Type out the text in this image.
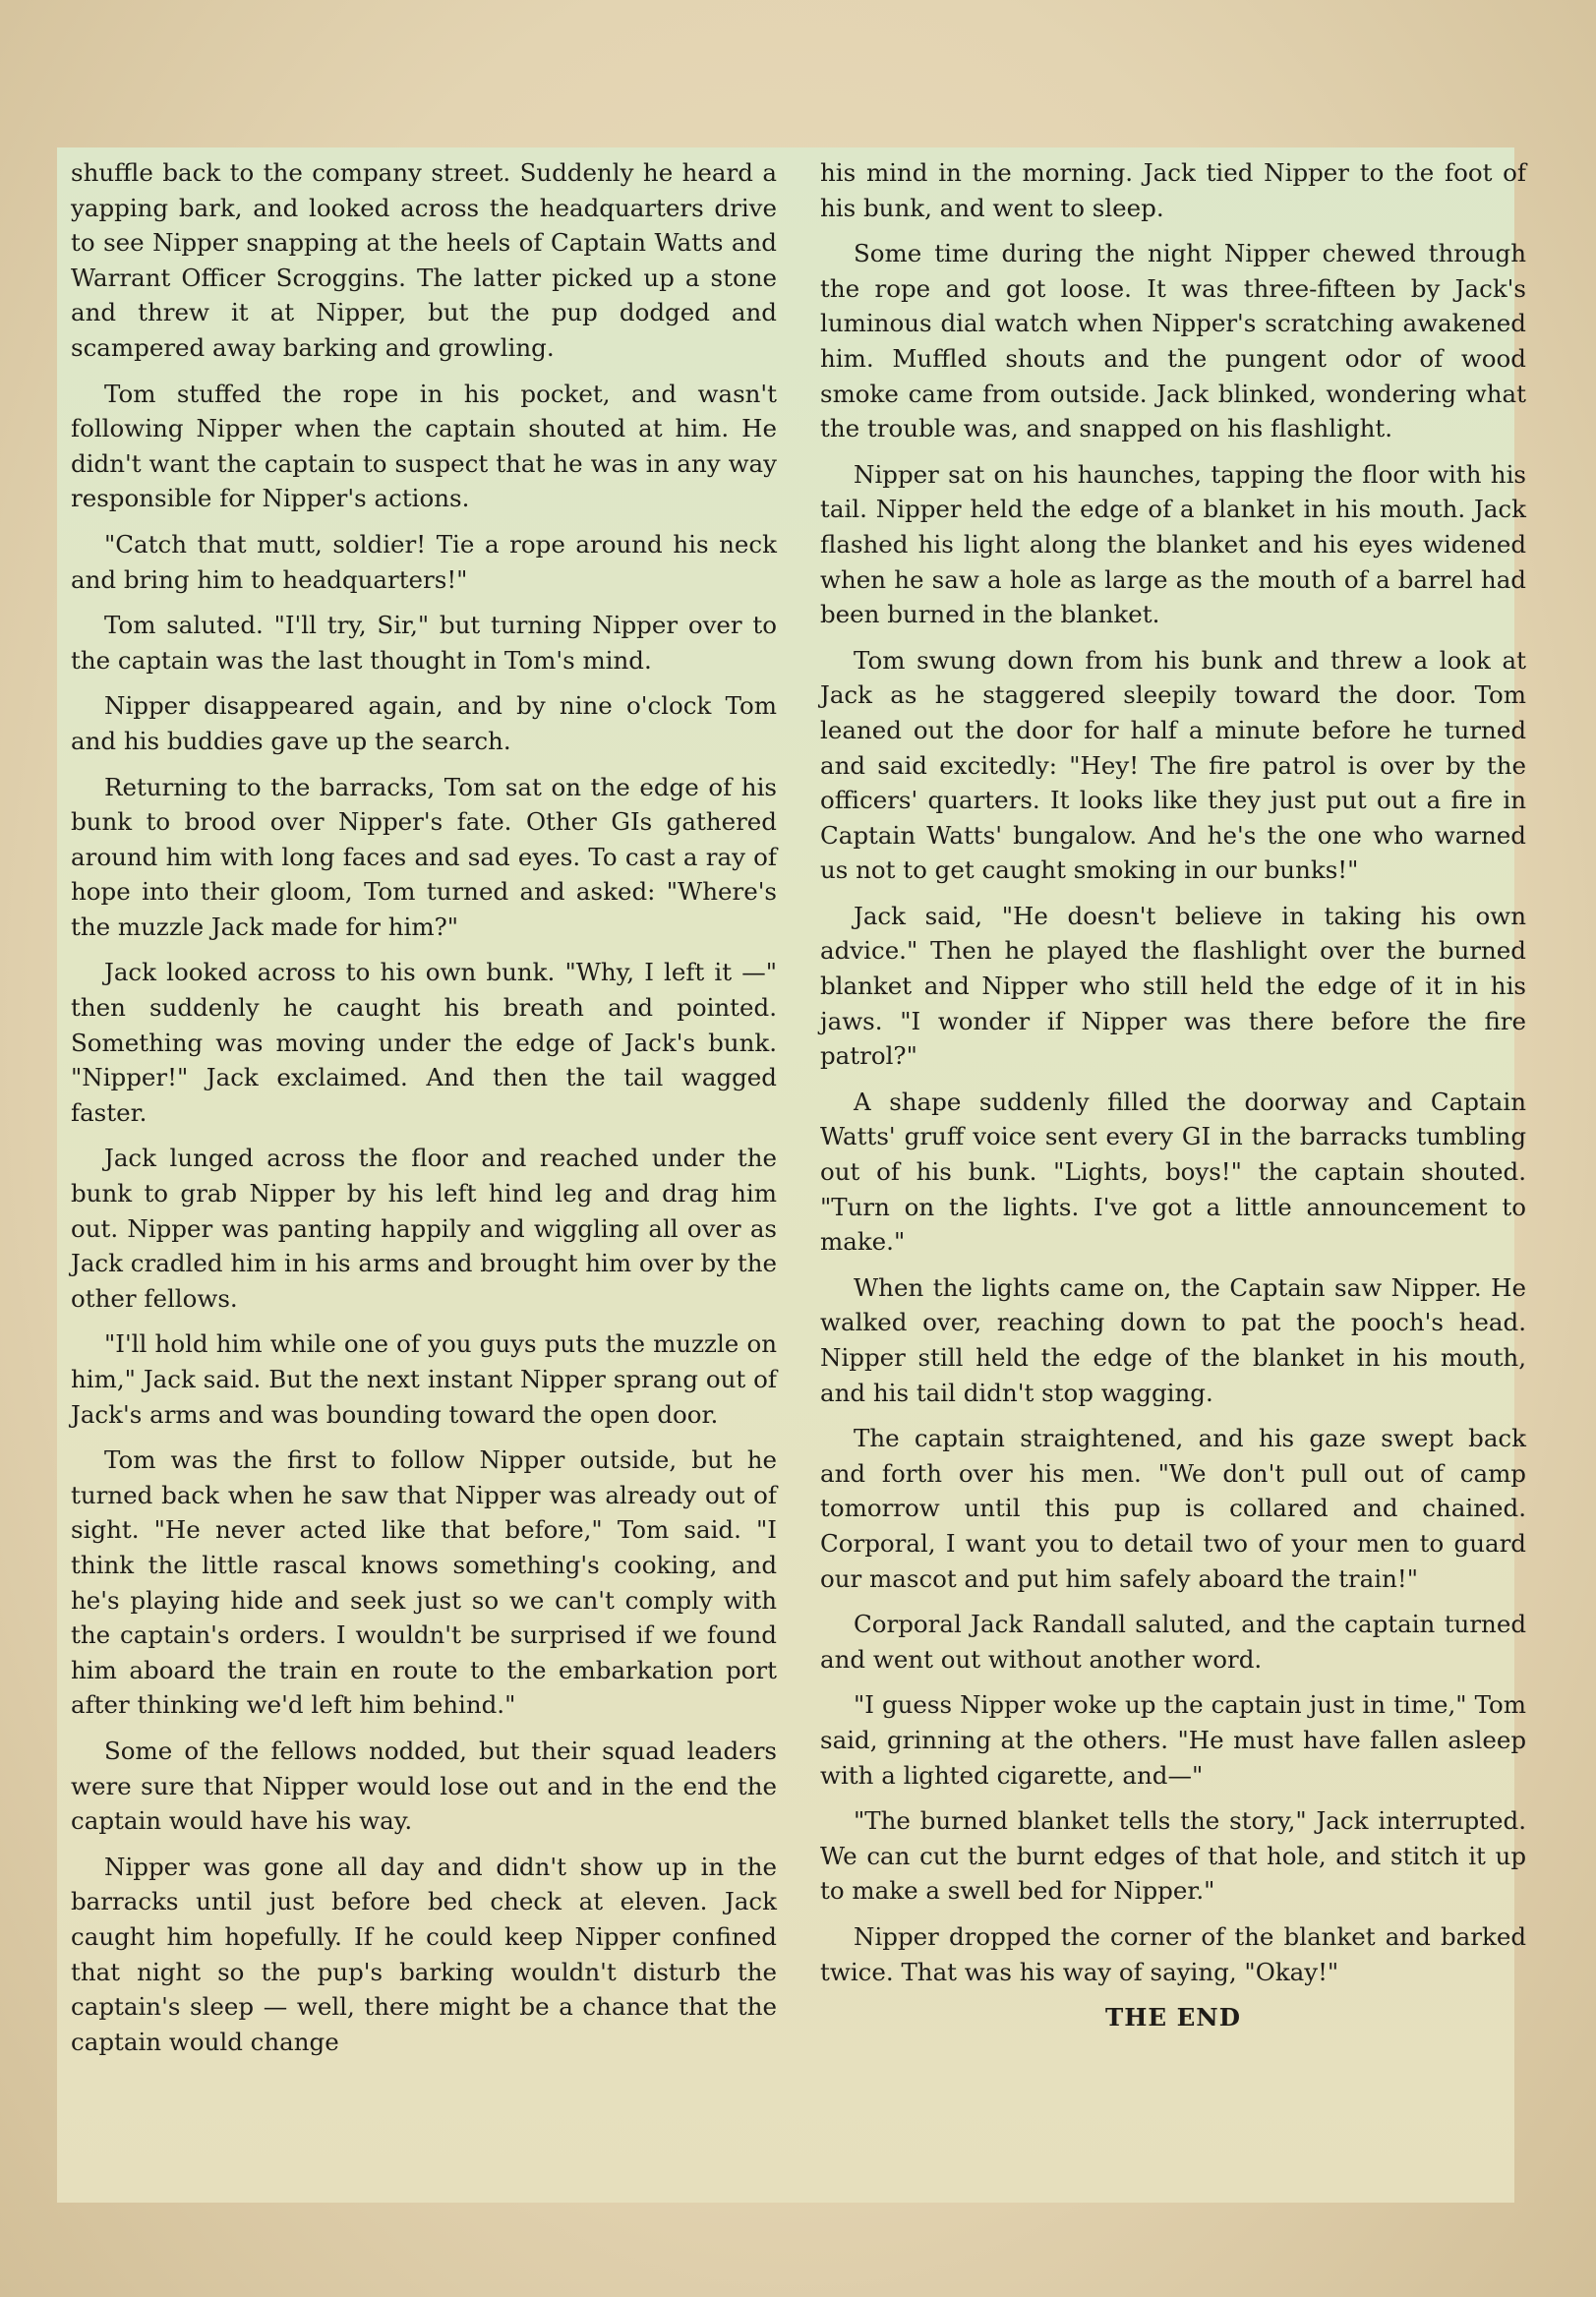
shuffle back to the company street. Suddenly he heard a yapping bark, and looked across the headquarters drive to see Nipper snapping at the heels of Captain Watts and Warrant Officer Scroggins. The latter picked up a stone and threw it at Nipper, but the pup dodged and scampered away barking and growling.

Tom stuffed the rope in his pocket, and wasn't following Nipper when the captain shouted at him. He didn't want the captain to suspect that he was in any way responsible for Nipper's actions.

"Catch that mutt, soldier! Tie a rope around his neck and bring him to headquarters!"

Tom saluted. "I'll try, Sir," but turning Nipper over to the captain was the last thought in Tom's mind.

Nipper disappeared again, and by nine o'clock Tom and his buddies gave up the search.

Returning to the barracks, Tom sat on the edge of his bunk to brood over Nipper's fate. Other GIs gathered around him with long faces and sad eyes. To cast a ray of hope into their gloom, Tom turned and asked: "Where's the muzzle Jack made for him?"

Jack looked across to his own bunk. "Why, I left it —" then suddenly he caught his breath and pointed. Something was moving under the edge of Jack's bunk. "Nipper!" Jack exclaimed. And then the tail wagged faster.

Jack lunged across the floor and reached under the bunk to grab Nipper by his left hind leg and drag him out. Nipper was panting happily and wiggling all over as Jack cradled him in his arms and brought him over by the other fellows.

"I'll hold him while one of you guys puts the muzzle on him," Jack said. But the next instant Nipper sprang out of Jack's arms and was bounding toward the open door.

Tom was the first to follow Nipper outside, but he turned back when he saw that Nipper was already out of sight. "He never acted like that before," Tom said. "I think the little rascal knows something's cooking, and he's playing hide and seek just so we can't comply with the captain's orders. I wouldn't be surprised if we found him aboard the train en route to the embarkation port after thinking we'd left him behind."

Some of the fellows nodded, but their squad leaders were sure that Nipper would lose out and in the end the captain would have his way.

Nipper was gone all day and didn't show up in the barracks until just before bed check at eleven. Jack caught him hopefully. If he could keep Nipper confined that night so the pup's barking wouldn't disturb the captain's sleep — well, there might be a chance that the captain would change

his mind in the morning. Jack tied Nipper to the foot of his bunk, and went to sleep.

Some time during the night Nipper chewed through the rope and got loose. It was three-fifteen by Jack's luminous dial watch when Nipper's scratching awakened him. Muffled shouts and the pungent odor of wood smoke came from outside. Jack blinked, wondering what the trouble was, and snapped on his flashlight.

Nipper sat on his haunches, tapping the floor with his tail. Nipper held the edge of a blanket in his mouth. Jack flashed his light along the blanket and his eyes widened when he saw a hole as large as the mouth of a barrel had been burned in the blanket.

Tom swung down from his bunk and threw a look at Jack as he staggered sleepily toward the door. Tom leaned out the door for half a minute before he turned and said excitedly: "Hey! The fire patrol is over by the officers' quarters. It looks like they just put out a fire in Captain Watts' bungalow. And he's the one who warned us not to get caught smoking in our bunks!"

Jack said, "He doesn't believe in taking his own advice." Then he played the flashlight over the burned blanket and Nipper who still held the edge of it in his jaws. "I wonder if Nipper was there before the fire patrol?"

A shape suddenly filled the doorway and Captain Watts' gruff voice sent every GI in the barracks tumbling out of his bunk. "Lights, boys!" the captain shouted. "Turn on the lights. I've got a little announcement to make."

When the lights came on, the Captain saw Nipper. He walked over, reaching down to pat the pooch's head. Nipper still held the edge of the blanket in his mouth, and his tail didn't stop wagging.

The captain straightened, and his gaze swept back and forth over his men. "We don't pull out of camp tomorrow until this pup is collared and chained. Corporal, I want you to detail two of your men to guard our mascot and put him safely aboard the train!"

Corporal Jack Randall saluted, and the captain turned and went out without another word.

"I guess Nipper woke up the captain just in time," Tom said, grinning at the others. "He must have fallen asleep with a lighted cigarette, and—"

"The burned blanket tells the story," Jack interrupted. We can cut the burnt edges of that hole, and stitch it up to make a swell bed for Nipper."

Nipper dropped the corner of the blanket and barked twice. That was his way of saying, "Okay!"

THE END
